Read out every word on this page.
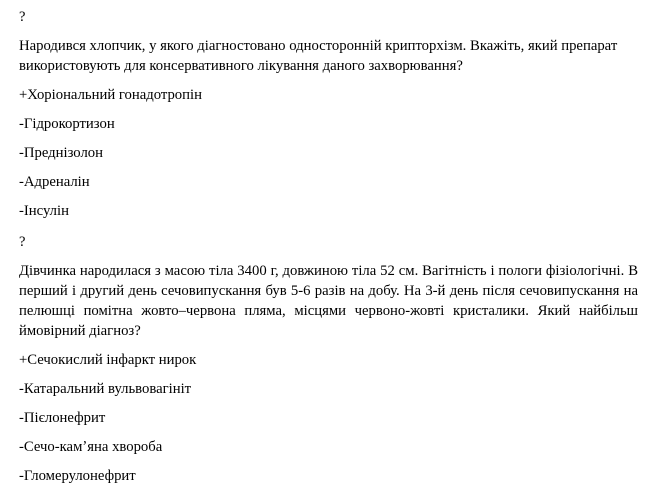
?

Народився хлопчик, у якого діагностовано односторонній крипторхізм. Вкажіть, який препарат використовують для консервативного лікування даного захворювання?

+Хоріональний гонадотропін

-Гідрокортизон

-Преднізолон

-Адреналін

-Інсулін

?

Дівчинка народилася з масою тіла 3400 г, довжиною тіла 52 см. Вагітність і пологи фізіологічні. В перший і другий день сечовипускання був 5-6 разів на добу. На 3-й день після сечовипускання на пелюшці помітна жовто–червона пляма, місцями червоно-жовті кристалики. Який найбільш ймовірний діагноз?

+Сечокислий інфаркт нирок

-Катаральний вульвовагініт

-Пієлонефрит

-Сечо-камʼяна хвороба

-Гломерулонефрит
